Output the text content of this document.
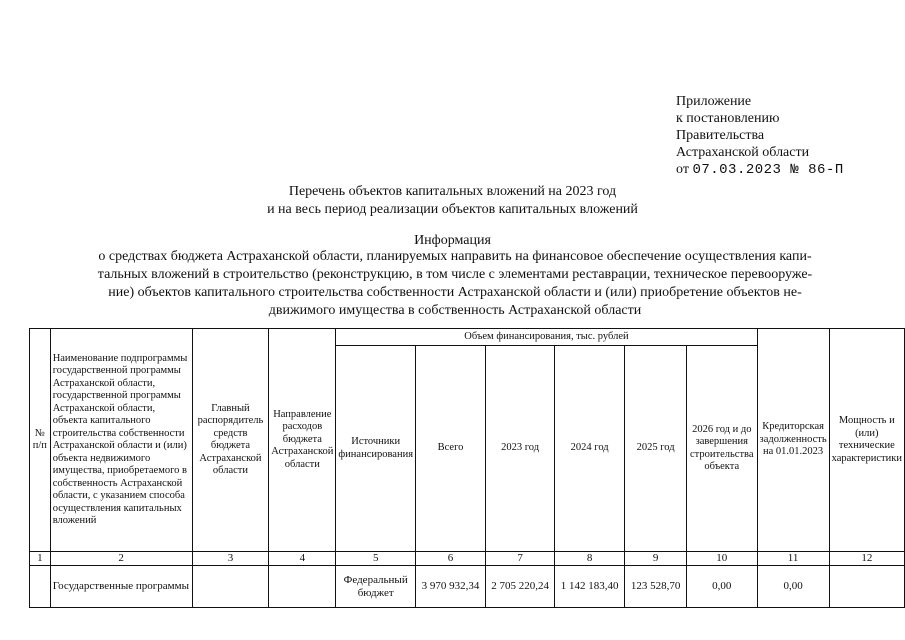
Приложение
к постановлению
Правительства
Астраханской области
от 07.03.2023 № 86-П
Перечень объектов капитальных вложений на 2023 год
и на весь период реализации объектов капитальных вложений
Информация
о средствах бюджета Астраханской области, планируемых направить на финансовое обеспечение осуществления капи-
тальных вложений в строительство (реконструкцию, в том числе с элементами реставрации, техническое перевооруже-
ние) объектов капитального строительства собственности Астраханской области и (или) приобретение объектов не-
движимого имущества в собственность Астраханской области
№ п/п	Наименование подпрограммы государственной программы Астраханской области, государственной программы Астраханской области, объекта капитального строительства собственности Астраханской области и (или) объекта недвижимого имущества, приобретаемого в собственность Астраханской области, с указанием способа осуществления капитальных вложений	Главный распорядитель средств бюджета Астраханской области	Направление расходов бюджета Астраханской области	Объем финансирования, тыс. рублей						Кредиторская задолженность на 01.01.2023	Мощность и (или) технические характеристики
				Источники финансирования	Всего	2023 год	2024 год	2025 год	2026 год и до завершения строительства объекта		
1	2	3	4	5	6	7	8	9	10	11	12
	Государственные программы			Федеральный бюджет	3 970 932,34	2 705 220,24	1 142 183,40	123 528,70	0,00	0,00	
